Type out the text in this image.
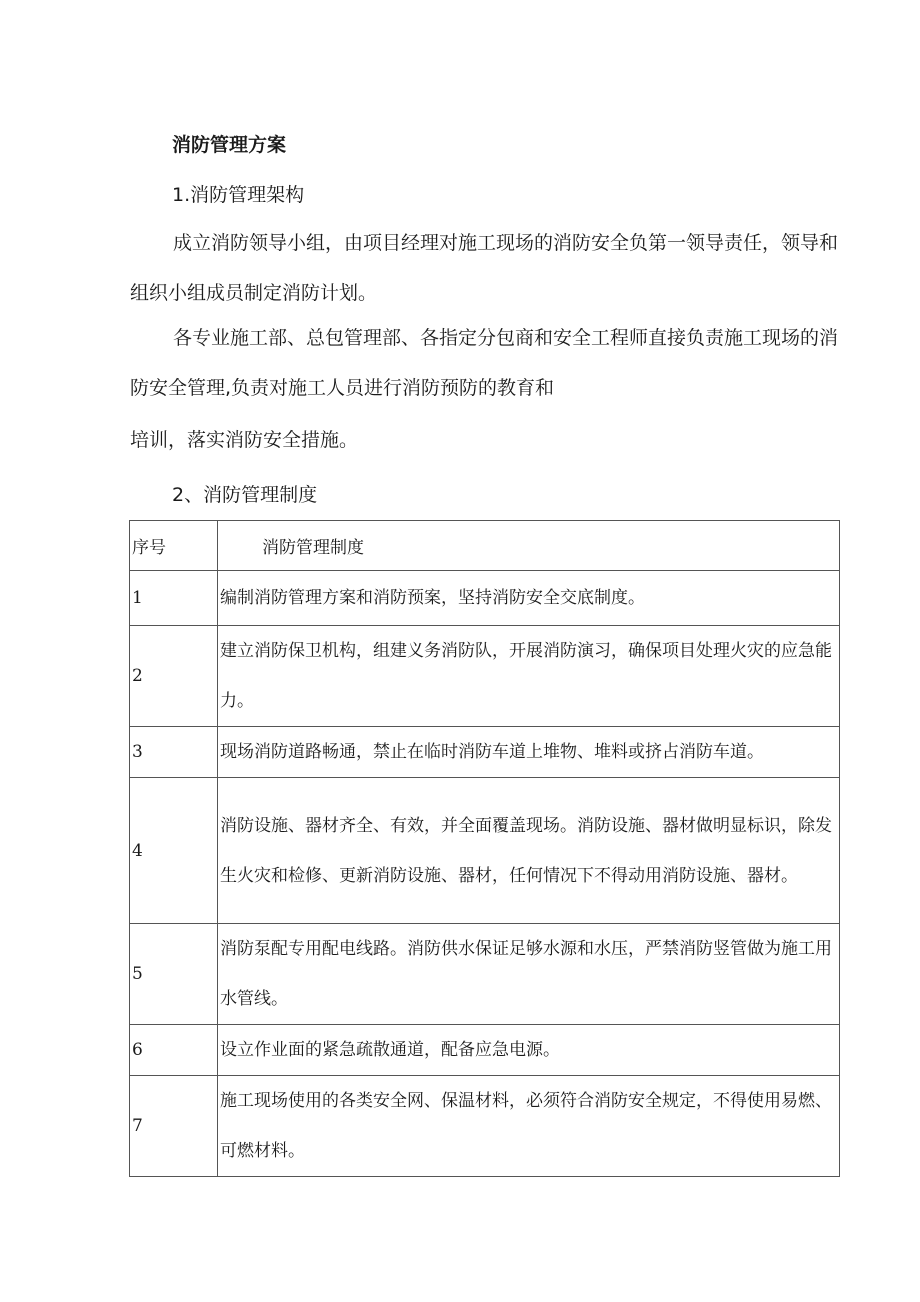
消防管理方案
1.消防管理架构
成立消防领导小组，由项目经理对施工现场的消防安全负第一领导责任，领导和组织小组成员制定消防计划。
各专业施工部、总包管理部、各指定分包商和安全工程师直接负责施工现场的消防安全管理,负责对施工人员进行消防预防的教育和
培训，落实消防安全措施。
2、消防管理制度
序号	消防管理制度
1	编制消防管理方案和消防预案，坚持消防安全交底制度。
2	建立消防保卫机构，组建义务消防队，开展消防演习，确保项目处理火灾的应急能力。
3	现场消防道路畅通，禁止在临时消防车道上堆物、堆料或挤占消防车道。
4	消防设施、器材齐全、有效，并全面覆盖现场。消防设施、器材做明显标识，除发生火灾和检修、更新消防设施、器材，任何情况下不得动用消防设施、器材。
5	消防泵配专用配电线路。消防供水保证足够水源和水压，严禁消防竖管做为施工用水管线。
6	设立作业面的紧急疏散通道，配备应急电源。
7	施工现场使用的各类安全网、保温材料，必须符合消防安全规定，不得使用易燃、可燃材料。
